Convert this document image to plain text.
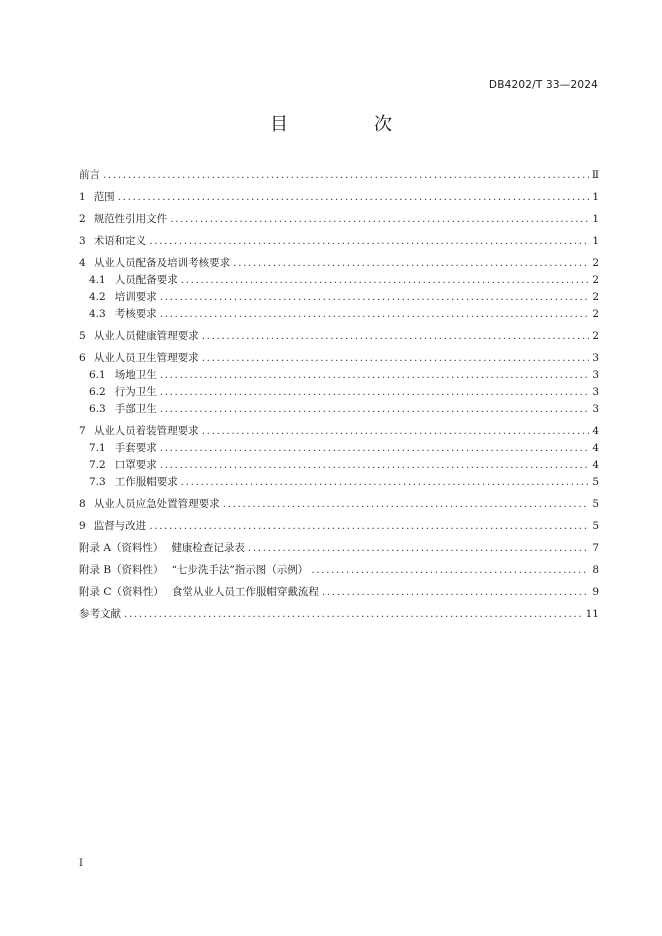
DB4202/T 33—2024
目　次
前言 .....	Ⅱ
1 范围 .....	1
2 规范性引用文件 .....	1
3 术语和定义 .....	1
4 从业人员配备及培训考核要求 .....	2
4.1 人员配备要求 .....	2
4.2 培训要求 .....	2
4.3 考核要求 .....	2
5 从业人员健康管理要求 .....	2
6 从业人员卫生管理要求 .....	3
6.1 场地卫生 .....	3
6.2 行为卫生 .....	3
6.3 手部卫生 .....	3
7 从业人员着装管理要求 .....	4
7.1 手套要求 .....	4
7.2 口罩要求 .....	4
7.3 工作服帽要求 .....	5
8 从业人员应急处置管理要求 .....	5
9 监督与改进 .....	5
附录 A（资料性） 健康检查记录表 .....	7
附录 B（资料性） “七步洗手法”指示图（示例） .....	8
附录 C（资料性） 食堂从业人员工作服帽穿戴流程 .....	9
参考文献 .....	11
I
